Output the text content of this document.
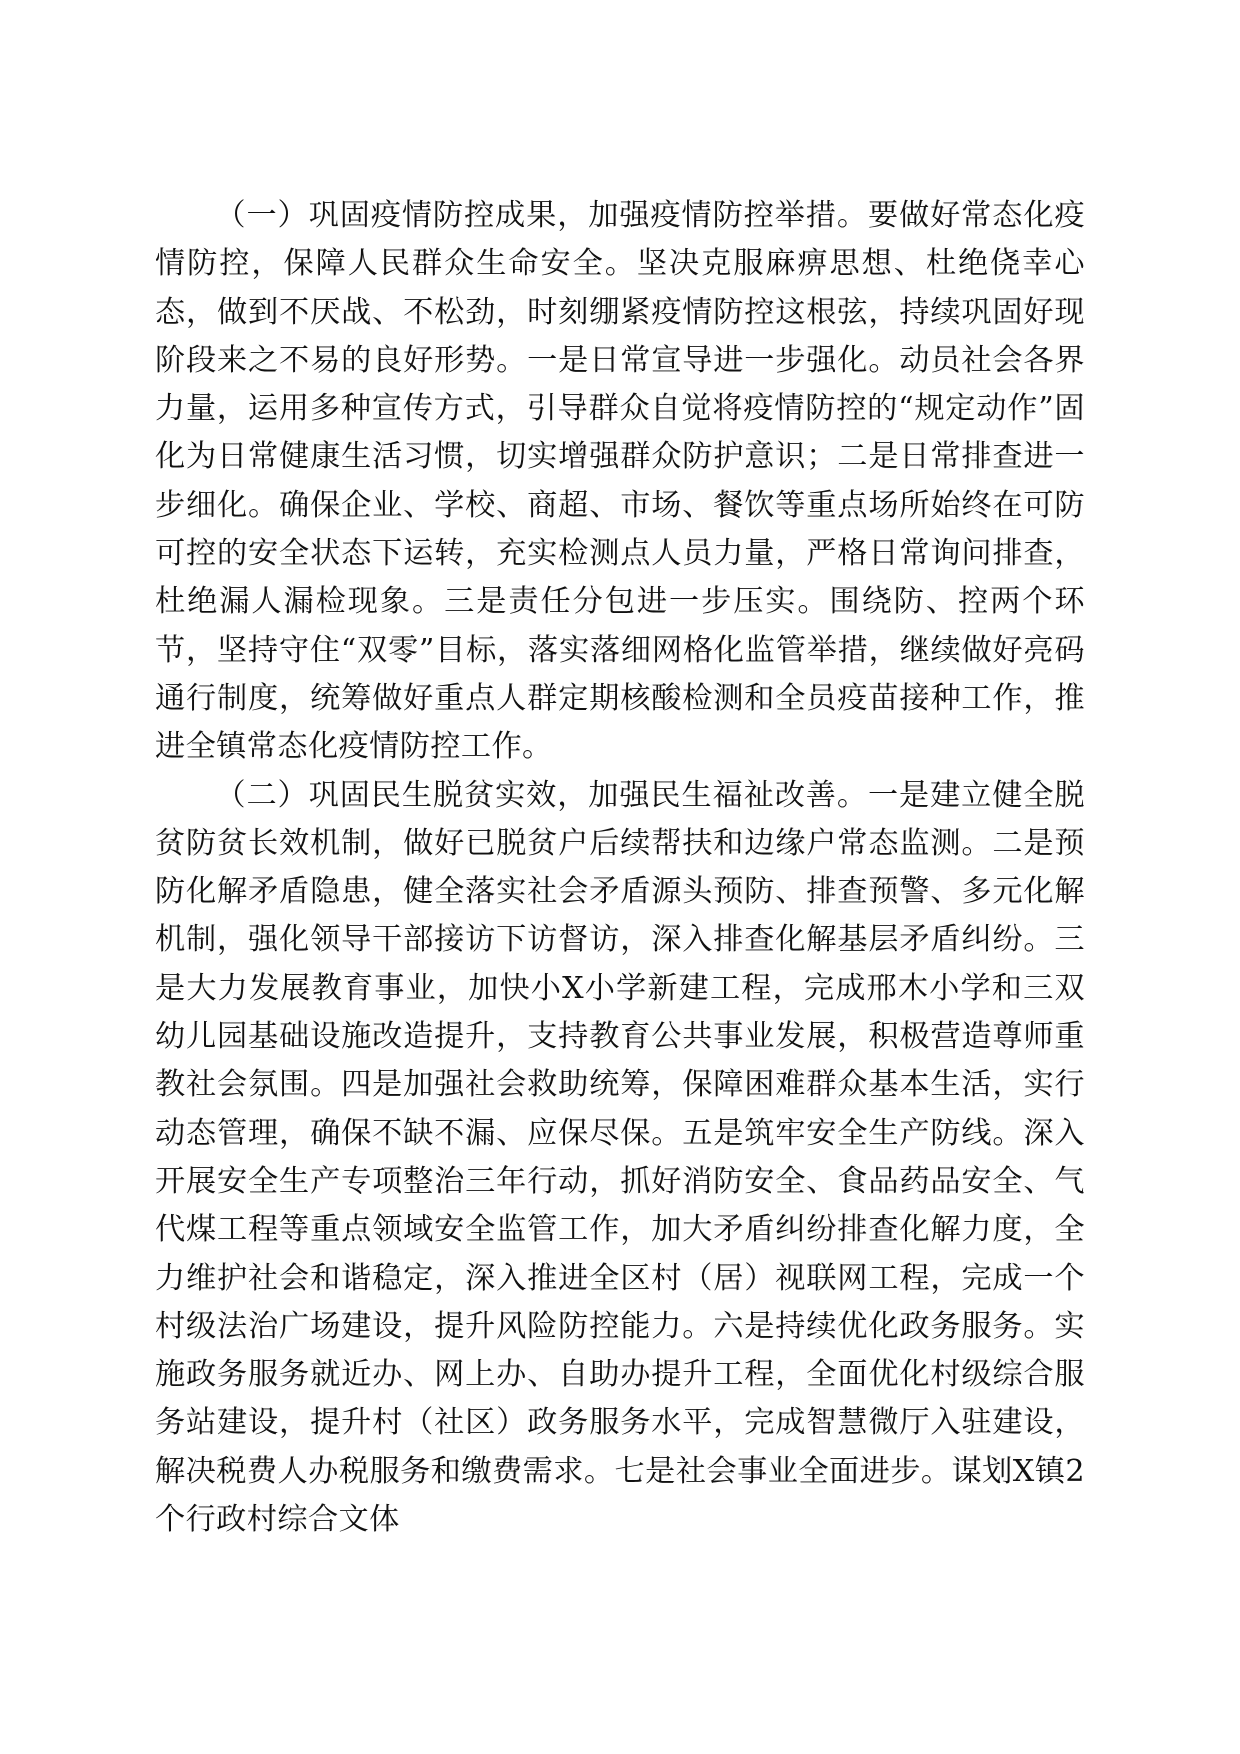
（一）巩固疫情防控成果，加强疫情防控举措。要做好常态化疫情防控，保障人民群众生命安全。坚决克服麻痹思想、杜绝侥幸心态，做到不厌战、不松劲，时刻绷紧疫情防控这根弦，持续巩固好现阶段来之不易的良好形势。一是日常宣导进一步强化。动员社会各界力量，运用多种宣传方式，引导群众自觉将疫情防控的“规定动作”固化为日常健康生活习惯，切实增强群众防护意识；二是日常排查进一步细化。确保企业、学校、商超、市场、餐饮等重点场所始终在可防可控的安全状态下运转，充实检测点人员力量，严格日常询问排查，杜绝漏人漏检现象。三是责任分包进一步压实。围绕防、控两个环节，坚持守住“双零”目标，落实落细网格化监管举措，继续做好亮码通行制度，统筹做好重点人群定期核酸检测和全员疫苗接种工作，推进全镇常态化疫情防控工作。

（二）巩固民生脱贫实效，加强民生福祉改善。一是建立健全脱贫防贫长效机制，做好已脱贫户后续帮扶和边缘户常态监测。二是预防化解矛盾隐患，健全落实社会矛盾源头预防、排查预警、多元化解机制，强化领导干部接访下访督访，深入排查化解基层矛盾纠纷。三是大力发展教育事业，加快小X小学新建工程，完成邢木小学和三双幼儿园基础设施改造提升，支持教育公共事业发展，积极营造尊师重教社会氛围。四是加强社会救助统筹，保障困难群众基本生活，实行动态管理，确保不缺不漏、应保尽保。五是筑牢安全生产防线。深入开展安全生产专项整治三年行动，抓好消防安全、食品药品安全、气代煤工程等重点领域安全监管工作，加大矛盾纠纷排查化解力度，全力维护社会和谐稳定，深入推进全区村（居）视联网工程，完成一个村级法治广场建设，提升风险防控能力。六是持续优化政务服务。实施政务服务就近办、网上办、自助办提升工程，全面优化村级综合服务站建设，提升村（社区）政务服务水平，完成智慧微厅入驻建设，解决税费人办税服务和缴费需求。七是社会事业全面进步。谋划X镇2个行政村综合文体
